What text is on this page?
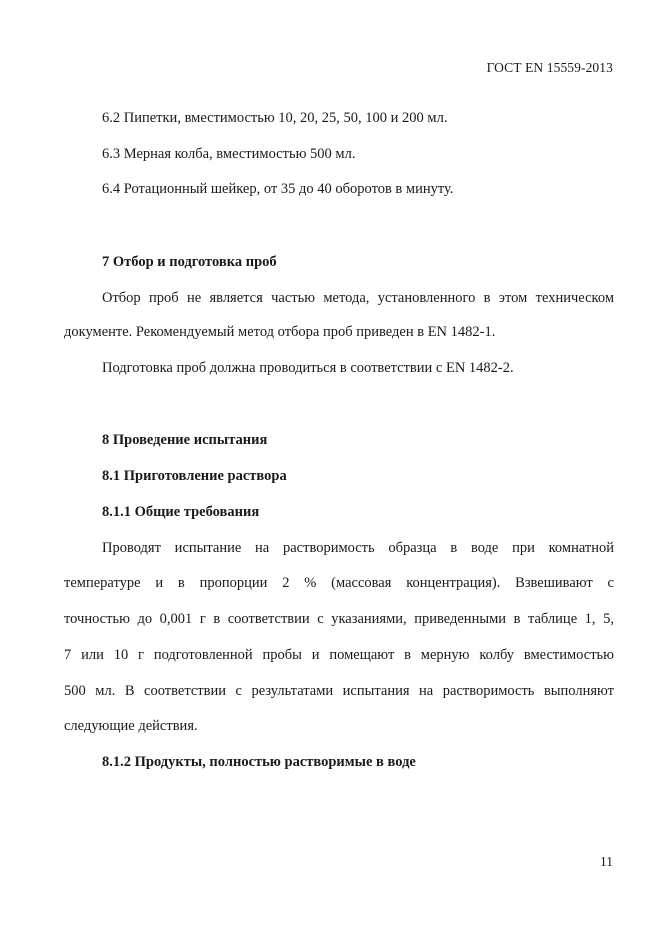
ГОСТ EN 15559-2013
6.2 Пипетки, вместимостью 10, 20, 25, 50, 100 и 200 мл.
6.3 Мерная колба, вместимостью 500 мл.
6.4 Ротационный шейкер, от 35 до 40 оборотов в минуту.
7 Отбор и подготовка проб
Отбор проб не является частью метода, установленного в этом техническом
документе. Рекомендуемый метод отбора проб приведен в EN 1482-1.
Подготовка проб должна проводиться в соответствии с EN 1482-2.
8 Проведение испытания
8.1 Приготовление раствора
8.1.1 Общие требования
Проводят испытание на растворимость образца в воде при комнатной
температуре и в пропорции 2 % (массовая концентрация). Взвешивают с
точностью до 0,001 г в соответствии с указаниями, приведенными в таблице 1, 5,
7 или 10 г подготовленной пробы и помещают в мерную колбу вместимостью
500 мл. В соответствии с результатами испытания на растворимость выполняют
следующие действия.
8.1.2 Продукты, полностью растворимые в воде
11
